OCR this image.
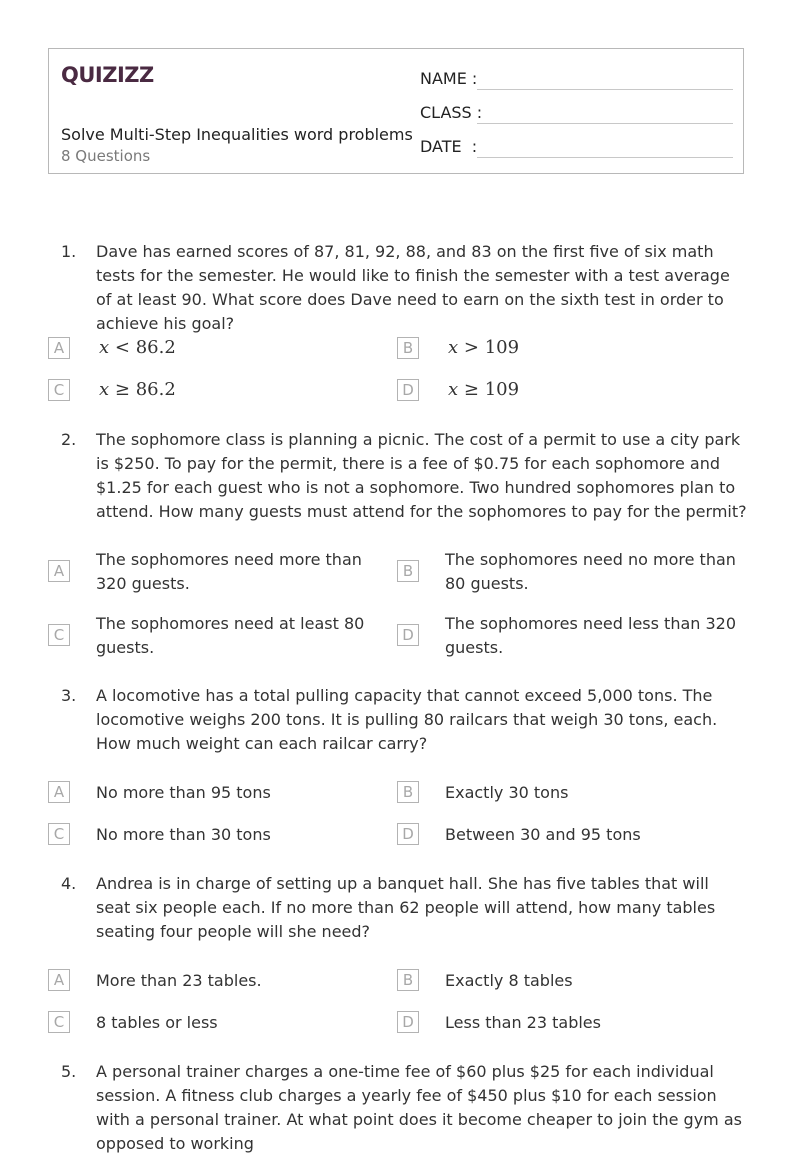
QUIZIZZ
Solve Multi-Step Inequalities word problems
8 Questions
NAME :
CLASS :
DATE  :
1. Dave has earned scores of 87, 81, 92, 88, and 83 on the first five of six math tests for the semester. He would like to finish the semester with a test average of at least 90. What score does Dave need to earn on the sixth test in order to achieve his goal?
A	x < 86.2	B	x > 109
C	x ≥ 86.2	D x ≥ 109
2. The sophomore class is planning a picnic. The cost of a permit to use a city park is $250. To pay for the permit, there is a fee of $0.75 for each sophomore and $1.25 for each guest who is not a sophomore. Two hundred sophomores plan to attend. How many guests must attend for the sophomores to pay for the permit?
A
The sophomores need more than 320 guests.
B
The sophomores need no more than 80 guests.
C
The sophomores need at least 80 guests.
D
The sophomores need less than 320 guests.
3. A locomotive has a total pulling capacity that cannot exceed 5,000 tons. The locomotive weighs 200 tons. It is pulling 80 railcars that weigh 30 tons, each. How much weight can each railcar carry?
A	No more than 95 tons	B	Exactly 30 tons
C	No more than 30 tons	D	Between 30 and 95 tons
4. Andrea is in charge of setting up a banquet hall. She has five tables that will seat six people each. If no more than 62 people will attend, how many tables seating four people will she need?
A	More than 23 tables.	B	Exactly 8 tables
C	8 tables or less	D	Less than 23 tables
5. A personal trainer charges a one-time fee of $60 plus $25 for each individual session. A fitness club charges a yearly fee of $450 plus $10 for each session with a personal trainer. At what point does it become cheaper to join the gym as opposed to working
